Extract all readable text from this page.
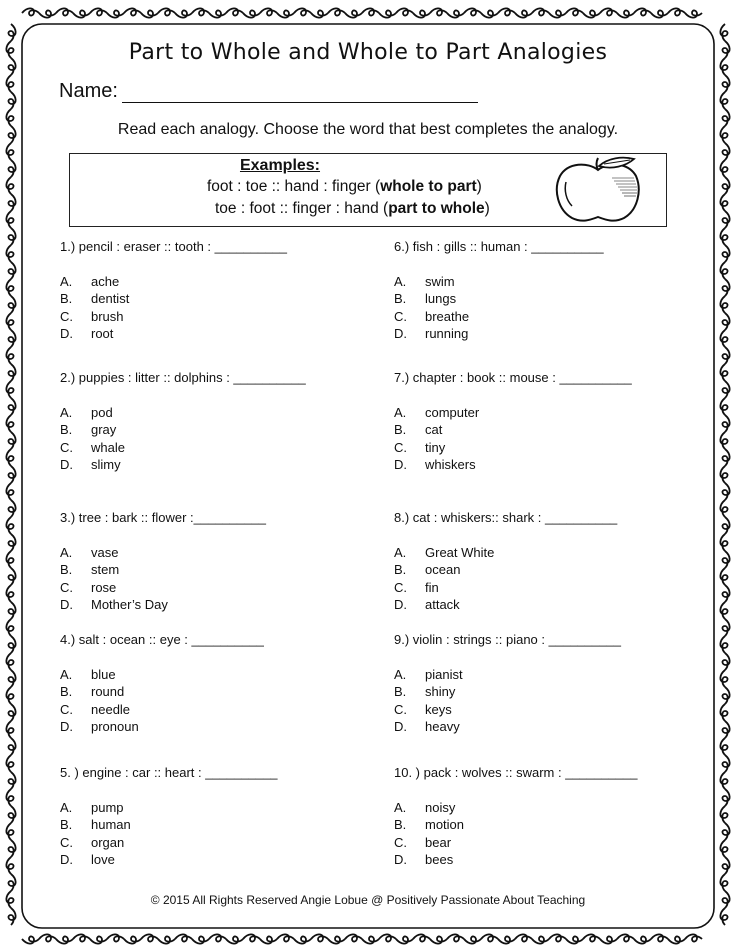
Part to Whole and Whole to Part Analogies
Name:
Read each analogy. Choose the word that best completes the analogy.
Examples:
foot : toe :: hand : finger (whole to part)
toe : foot :: finger : hand (part to whole)
1.) pencil : eraser :: tooth : __________
A. ache
B. dentist
C. brush
D. root
2.) puppies : litter :: dolphins : __________
A. pod
B. gray
C. whale
D. slimy
3.) tree : bark :: flower :__________
A. vase
B. stem
C. rose
D. Mother’s Day
4.) salt : ocean :: eye : __________
A. blue
B. round
C. needle
D. pronoun
5. ) engine : car :: heart : __________
A. pump
B. human
C. organ
D. love
6.) fish : gills :: human : __________
A. swim
B. lungs
C. breathe
D. running
7.) chapter : book :: mouse : __________
A. computer
B. cat
C. tiny
D. whiskers
8.) cat : whiskers:: shark : __________
A. Great White
B. ocean
C. fin
D. attack
9.) violin : strings :: piano : __________
A. pianist
B. shiny
C. keys
D. heavy
10. ) pack : wolves :: swarm : __________
A. noisy
B. motion
C. bear
D. bees
© 2015 All Rights Reserved Angie Lobue @ Positively Passionate About Teaching
